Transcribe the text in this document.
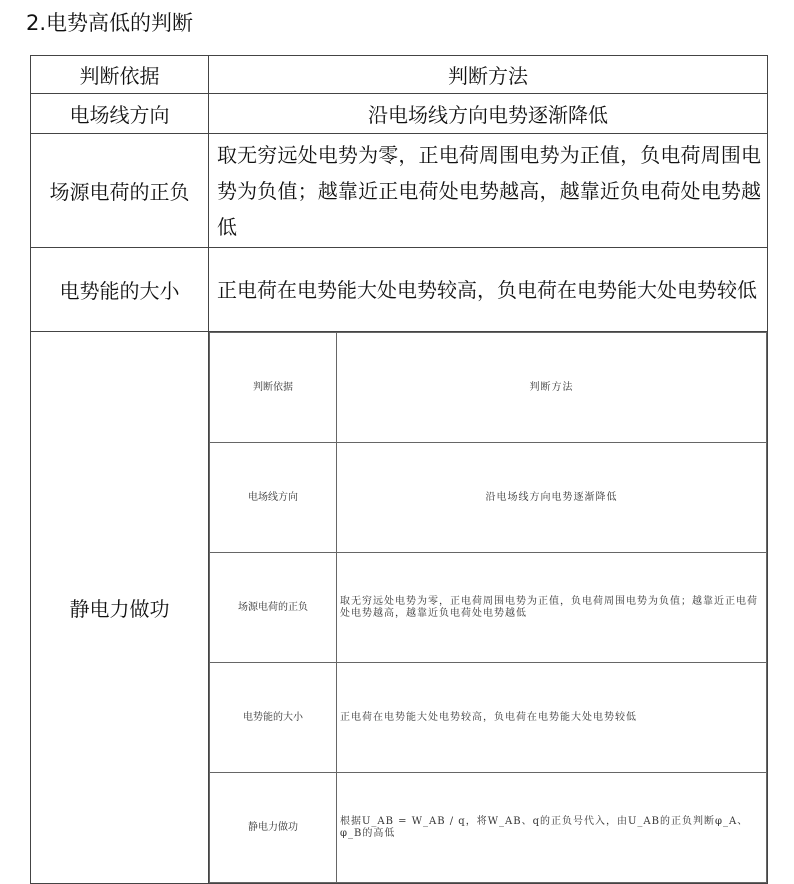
2.电势高低的判断
判断依据	判断方法
电场线方向	沿电场线方向电势逐渐降低
场源电荷的正负	取无穷远处电势为零，正电荷周围电势为正值，负电荷周围电势为负值；越靠近正电荷处电势越高，越靠近负电荷处电势越低
电势能的大小	正电荷在电势能大处电势较高，负电荷在电势能大处电势较低
静电力做功	
判断依据	判断方法
电场线方向	沿电场线方向电势逐渐降低
场源电荷的正负	取无穷远处电势为零，正电荷周围电势为正值，负电荷周围电势为负值；越靠近正电荷处电势越高，越靠近负电荷处电势越低
电势能的大小	正电荷在电势能大处电势较高，负电荷在电势能大处电势较低
静电力做功	根据U_AB = W_AB / q，将W_AB、q的正负号代入，由U_AB的正负判断φ_A、φ_B的高低
